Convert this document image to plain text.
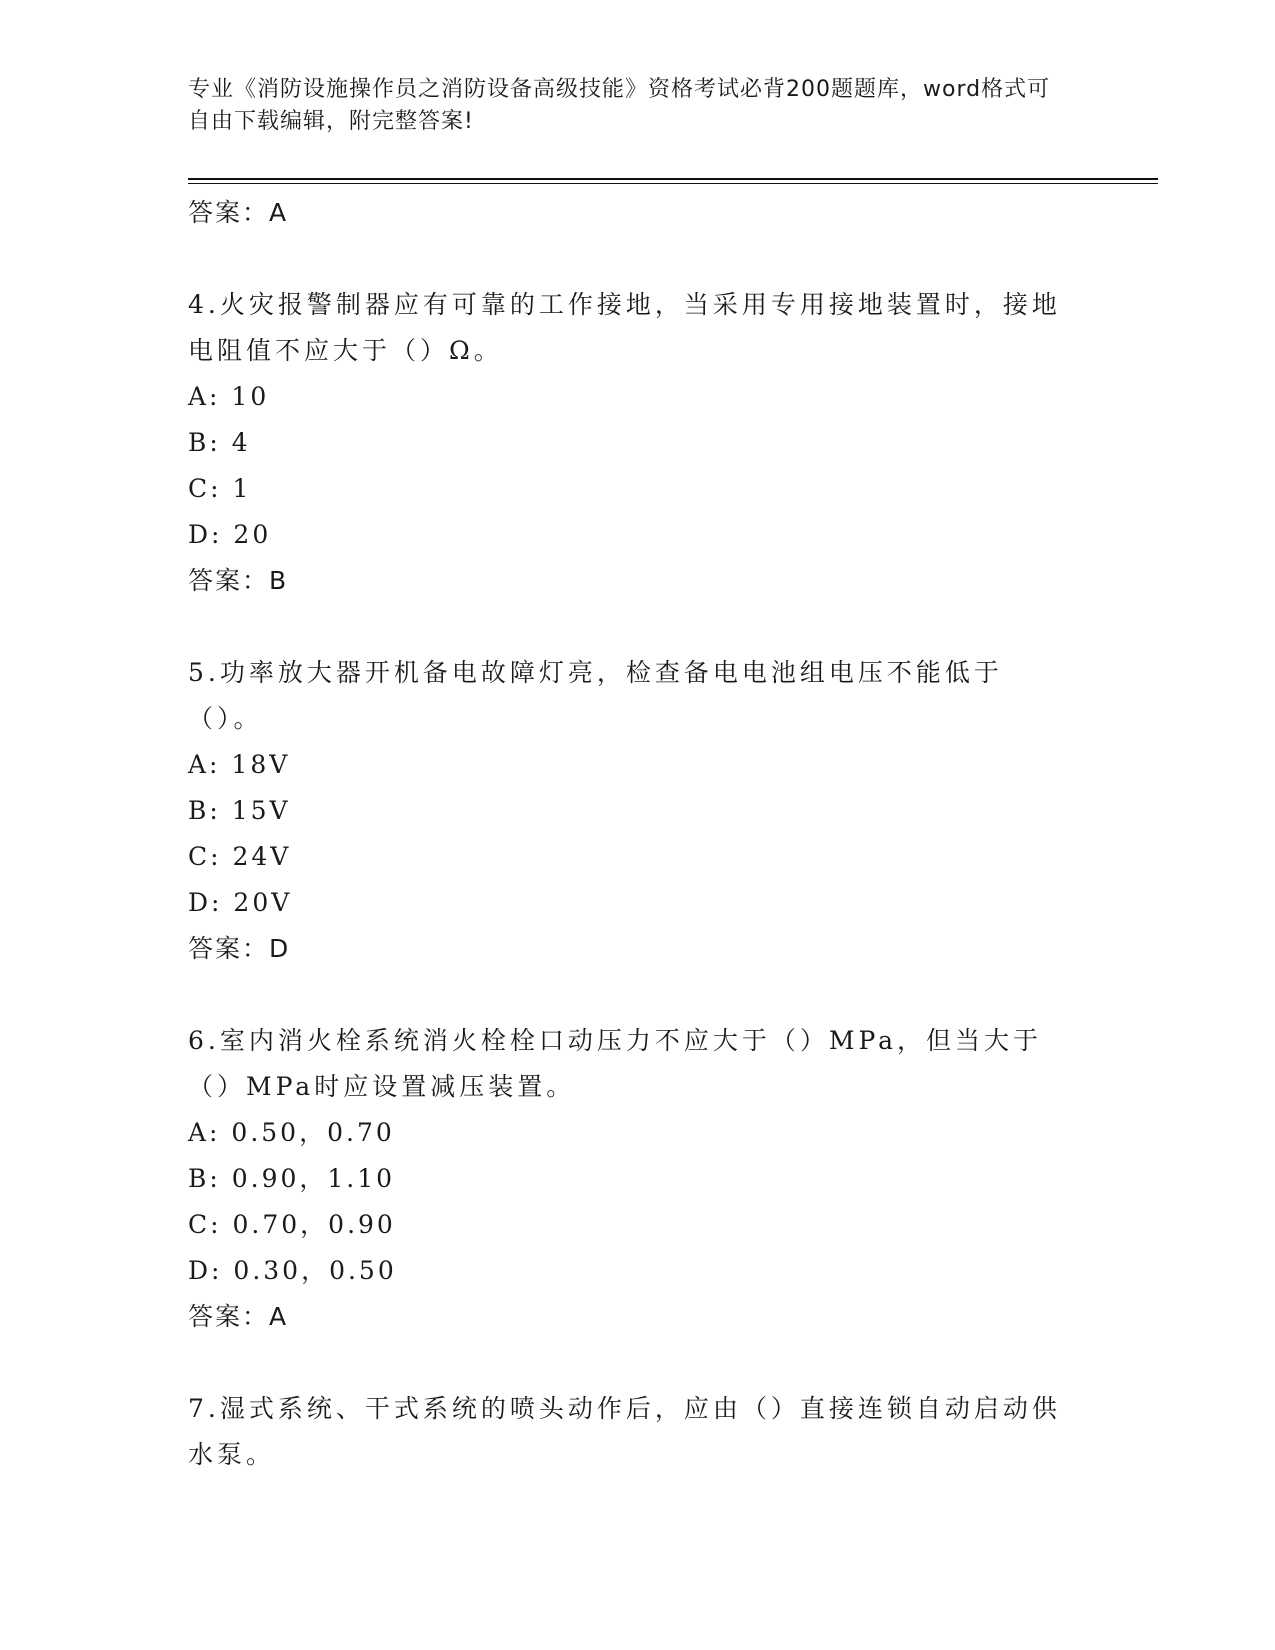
专业《消防设施操作员之消防设备高级技能》资格考试必背200题题库，word格式可自由下载编辑，附完整答案!
答案：A
4.火灾报警制器应有可靠的工作接地，当采用专用接地装置时，接地电阻值不应大于（）Ω。
A: 10
B: 4
C: 1
D: 20
答案：B
5.功率放大器开机备电故障灯亮，检查备电电池组电压不能低于（）。
A: 18V
B: 15V
C: 24V
D: 20V
答案：D
6.室内消火栓系统消火栓栓口动压力不应大于（）MPa，但当大于（）MPa时应设置减压装置。
A: 0.50，0.70
B: 0.90，1.10
C: 0.70，0.90
D: 0.30，0.50
答案：A
7.湿式系统、干式系统的喷头动作后，应由（）直接连锁自动启动供水泵。
